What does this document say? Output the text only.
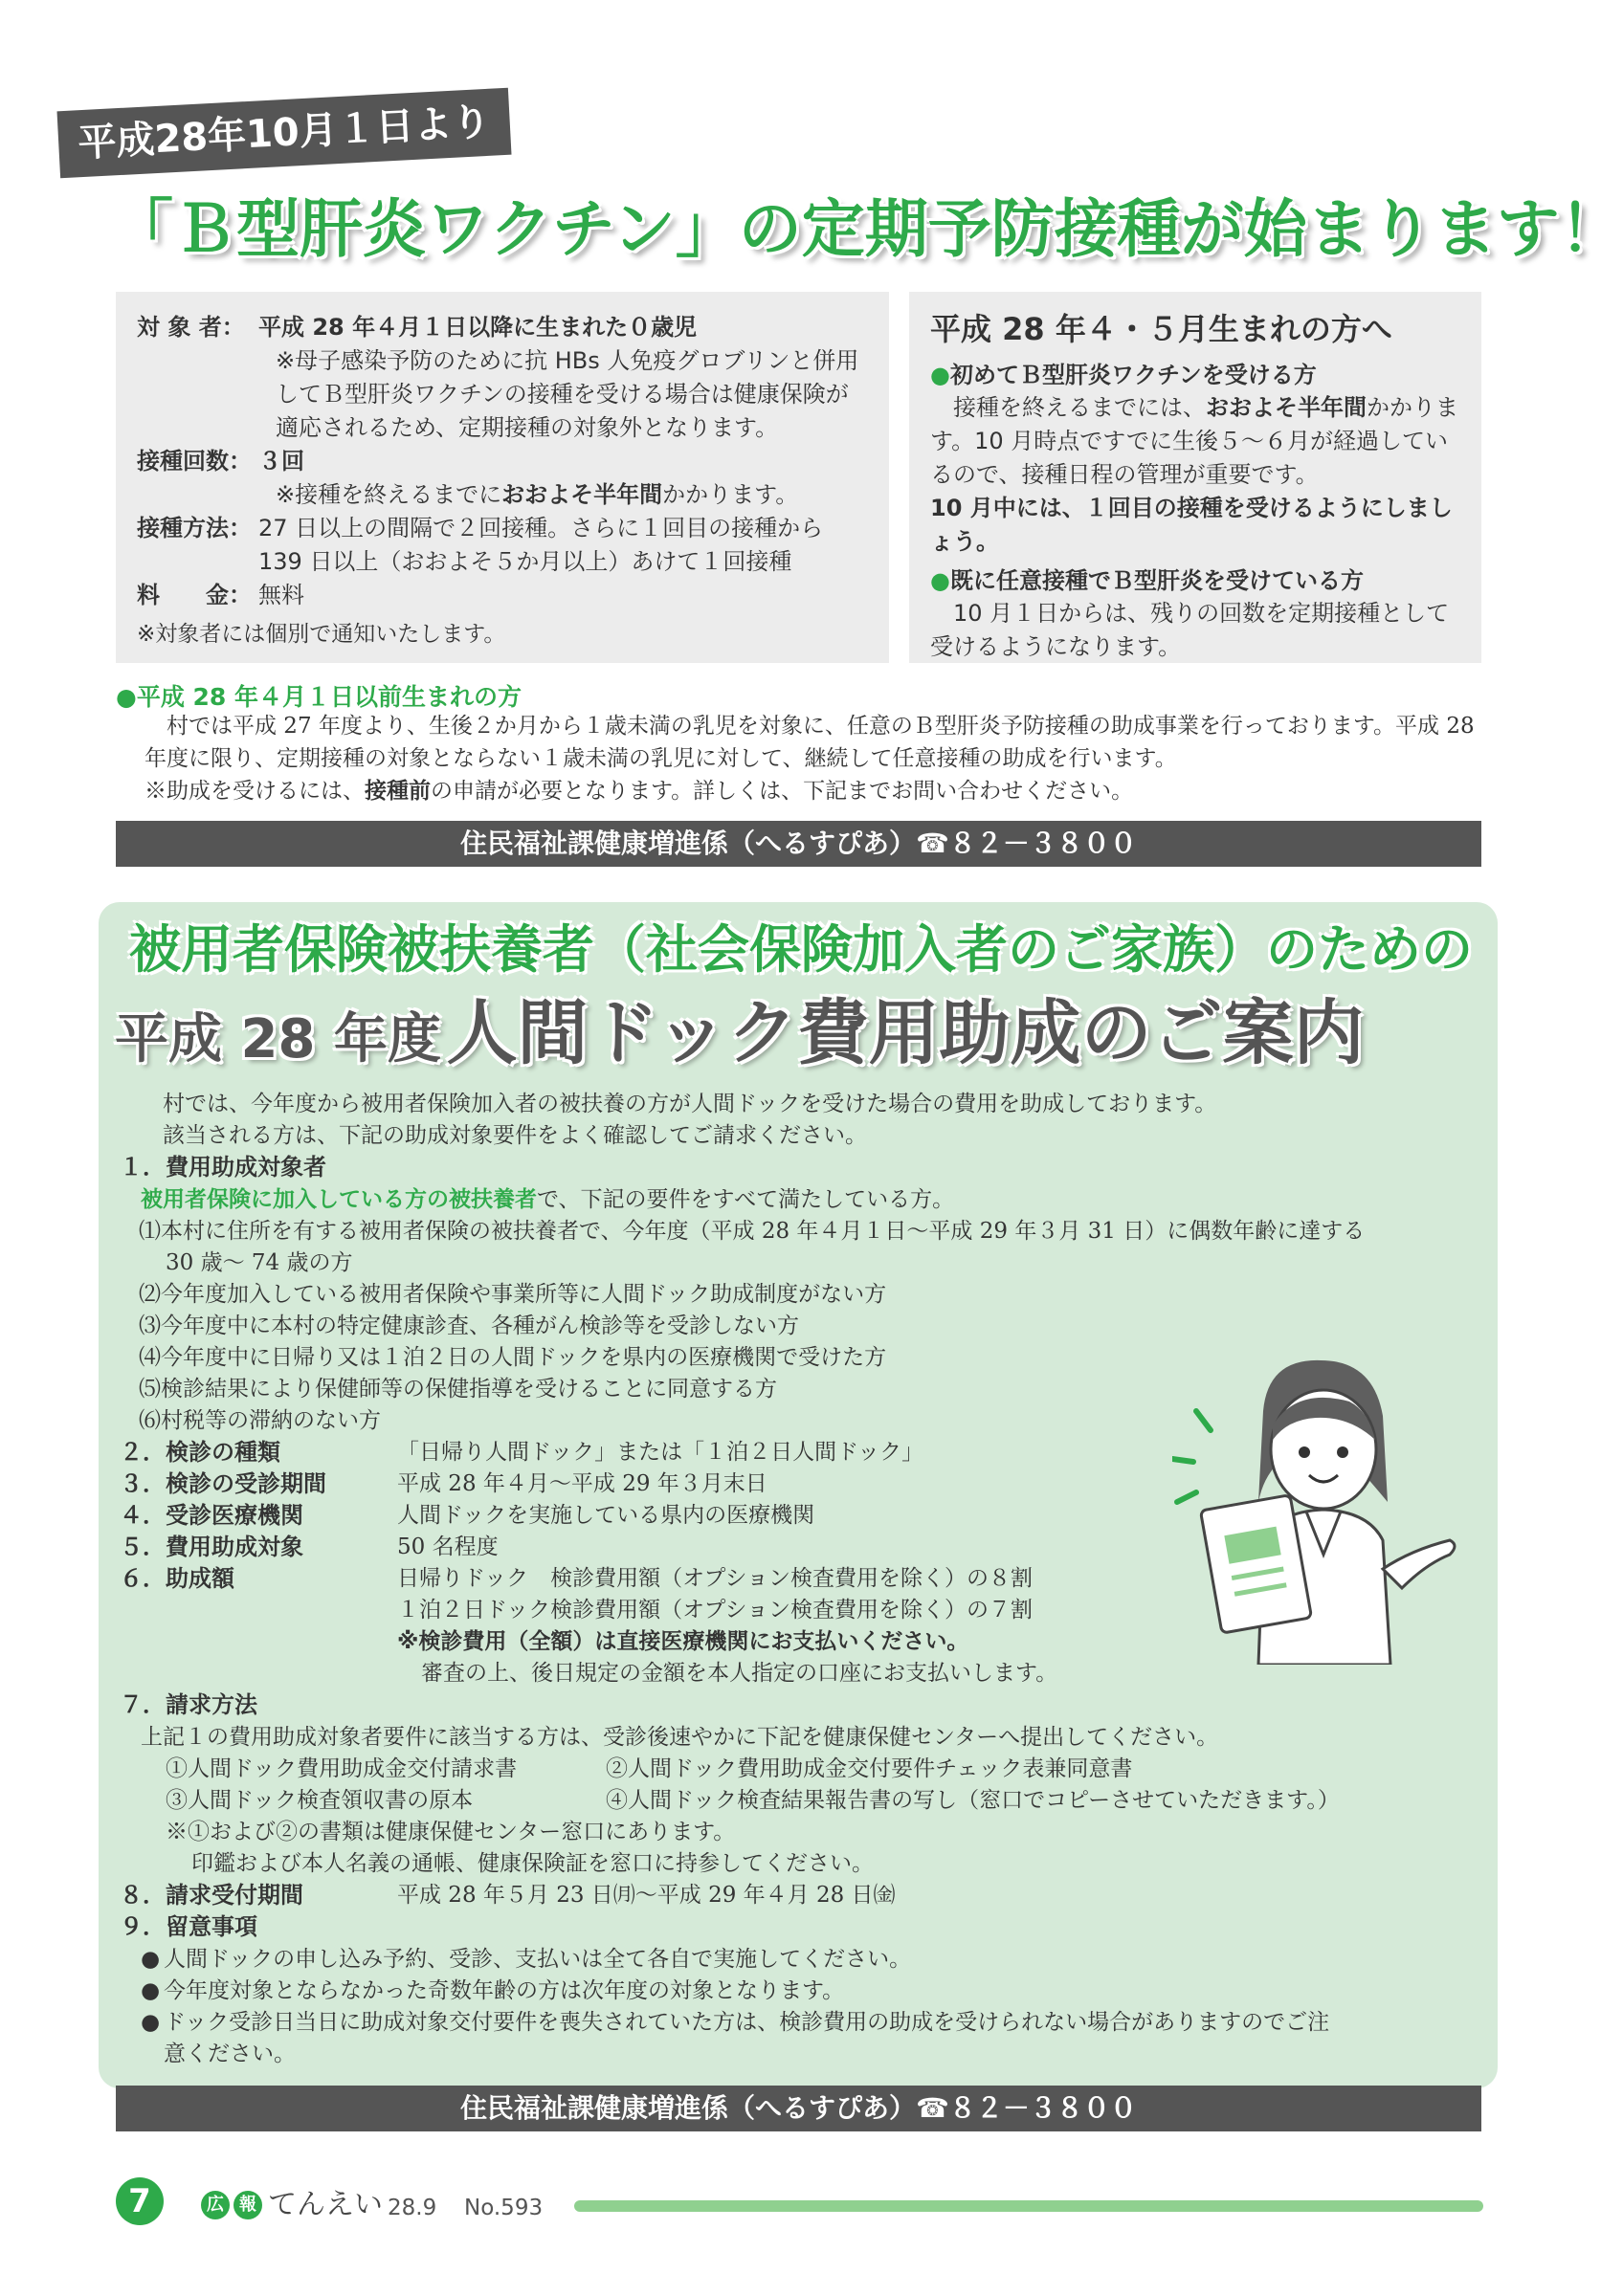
平成28年10月１日より
「Ｂ型肝炎ワクチン」の定期予防接種が始まります！
対 象 者： 平成 28 年４月１日以降に生まれた０歳児
※母子感染予防のために抗 HBs 人免疫グロブリンと併用してＢ型肝炎ワクチンの接種を受ける場合は健康保険が適応されるため、定期接種の対象外となります。
接種回数： ３回
※接種を終えるまでにおおよそ半年間かかります。
接種方法： 27 日以上の間隔で２回接種。さらに１回目の接種から 139 日以上（おおよそ５か月以上）あけて１回接種
料　　金： 無料
※対象者には個別で通知いたします。
平成 28 年４・５月生まれの方へ
●初めてＢ型肝炎ワクチンを受ける方
接種を終えるまでには、おおよそ半年間かかります。10 月時点ですでに生後５～６月が経過しているので、接種日程の管理が重要です。
10 月中には、１回目の接種を受けるようにしましょう。
●既に任意接種でＢ型肝炎を受けている方
10 月１日からは、残りの回数を定期接種として受けるようになります。
●平成 28 年４月１日以前生まれの方

村では平成 27 年度より、生後２か月から１歳未満の乳児を対象に、任意のＢ型肝炎予防接種の助成事業を行っております。平成 28 年度に限り、定期接種の対象とならない１歳未満の乳児に対して、継続して任意接種の助成を行います。

※助成を受けるには、接種前の申請が必要となります。詳しくは、下記までお問い合わせください。

住民福祉課健康増進係（へるすぴあ）☎８２－３８００
被用者保険被扶養者（社会保険加入者のご家族）のための
平成 28 年度 人間ドック費用助成のご案内
村では、今年度から被用者保険加入者の被扶養の方が人間ドックを受けた場合の費用を助成しております。
該当される方は、下記の助成対象要件をよく確認してご請求ください。
１．費用助成対象者
被用者保険に加入している方の被扶養者で、下記の要件をすべて満たしている方。
⑴本村に住所を有する被用者保険の被扶養者で、今年度（平成 28 年４月１日～平成 29 年３月 31 日）に偶数年齢に達する
30 歳～ 74 歳の方
⑵今年度加入している被用者保険や事業所等に人間ドック助成制度がない方
⑶今年度中に本村の特定健康診査、各種がん検診等を受診しない方
⑷今年度中に日帰り又は１泊２日の人間ドックを県内の医療機関で受けた方
⑸検診結果により保健師等の保健指導を受けることに同意する方
⑹村税等の滞納のない方
２．検診の種類	「日帰り人間ドック」または「１泊２日人間ドック」
３．検診の受診期間	平成 28 年４月～平成 29 年３月末日
４．受診医療機関	人間ドックを実施している県内の医療機関
５．費用助成対象	50 名程度
６．助成額	日帰りドック　検診費用額（オプション検査費用を除く）の８割
１泊２日ドック検診費用額（オプション検査費用を除く）の７割
※検診費用（全額）は直接医療機関にお支払いください。
審査の上、後日規定の金額を本人指定の口座にお支払いします。
７．請求方法
上記１の費用助成対象者要件に該当する方は、受診後速やかに下記を健康保健センターへ提出してください。
①人間ドック費用助成金交付請求書	②人間ドック費用助成金交付要件チェック表兼同意書
③人間ドック検査領収書の原本	④人間ドック検査結果報告書の写し（窓口でコピーさせていただきます。）
※①および②の書類は健康保健センター窓口にあります。
印鑑および本人名義の通帳、健康保険証を窓口に持参してください。
８．請求受付期間	平成 28 年５月 23 日㈪～平成 29 年４月 28 日㈮
９．留意事項
● 人間ドックの申し込み予約、受診、支払いは全て各自で実施してください。
● 今年度対象とならなかった奇数年齢の方は次年度の対象となります。
● ドック受診日当日に助成対象交付要件を喪失されていた方は、検診費用の助成を受けられない場合がありますのでご注
意ください。
住民福祉課健康増進係（へるすぴあ）☎８２－３８００
7	広 報 てんえい 28.9 No.593
